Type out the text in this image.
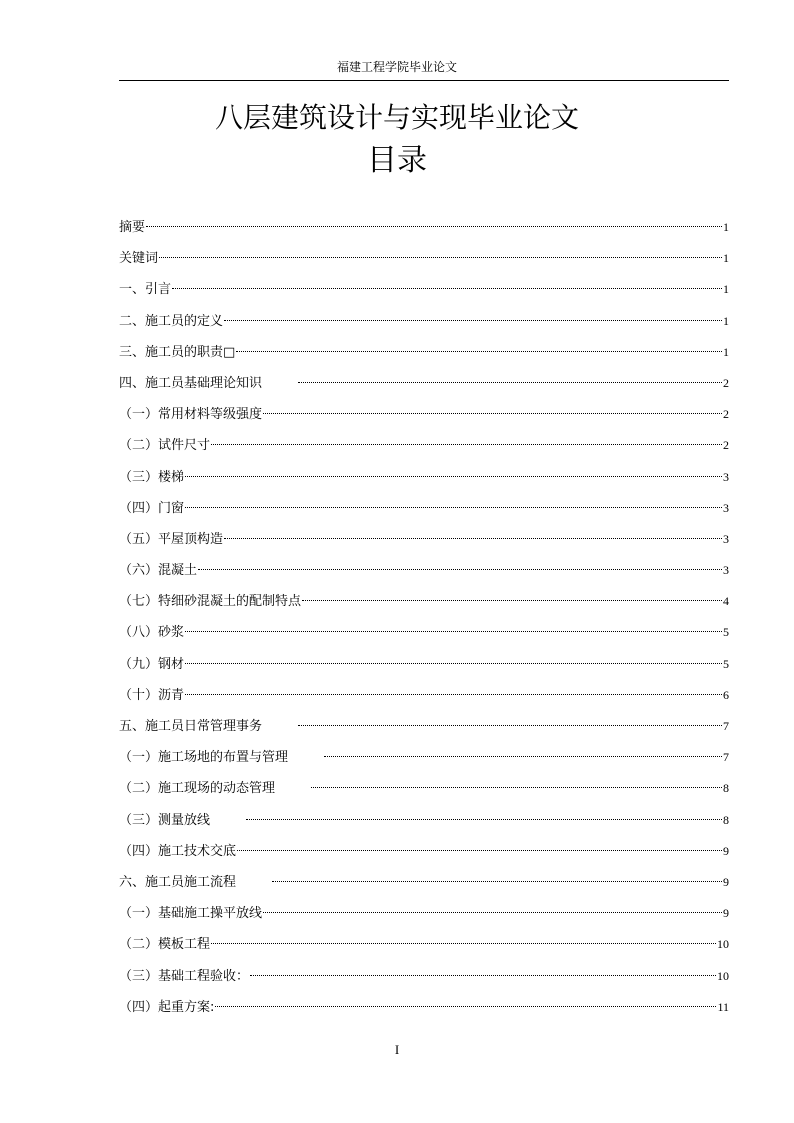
福建工程学院毕业论文
八层建筑设计与实现毕业论文
目录
摘要	1
关键词	1
一、引言	1
二、施工员的定义	1
三、施工员的职责□	1
四、施工员基础理论知识	2
（一）常用材料等级强度	2
（二）试件尺寸	2
（三）楼梯	3
（四）门窗	3
（五）平屋顶构造	3
（六）混凝土	3
（七）特细砂混凝土的配制特点	4
（八）砂浆	5
（九）钢材	5
（十）沥青	6
五、施工员日常管理事务	7
（一）施工场地的布置与管理	7
（二）施工现场的动态管理	8
（三）测量放线	8
（四）施工技术交底	9
六、施工员施工流程	9
（一）基础施工操平放线	9
（二）模板工程	10
（三）基础工程验收：	10
（四）起重方案:	11
I
